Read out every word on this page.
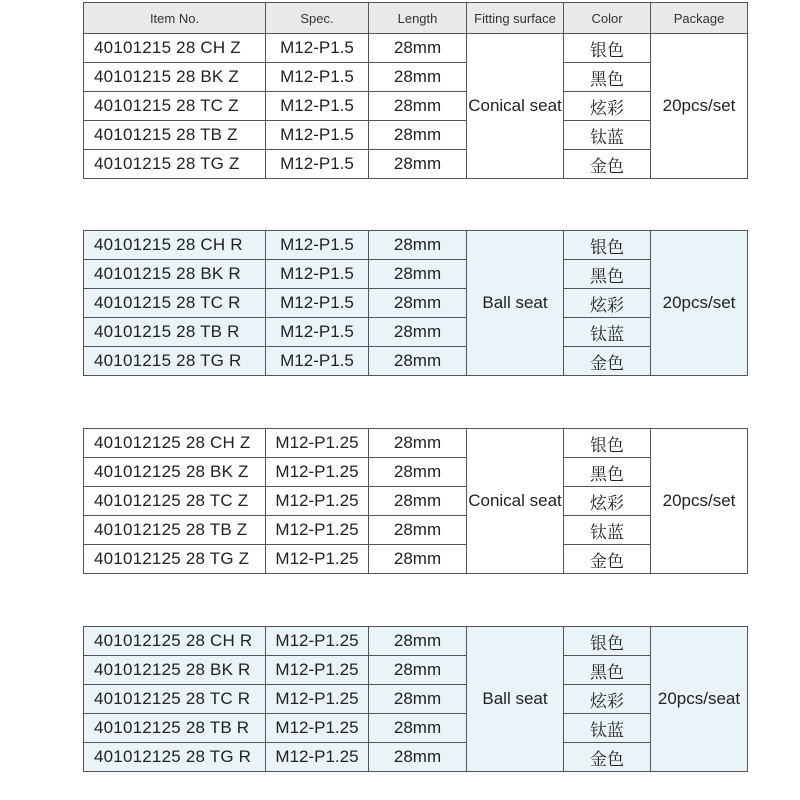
Item No.	Spec.	Length	Fitting surface	Color	Package
40101215 28 CH Z	M12-P1.5	28mm	Conical seat	银色	20pcs/set
40101215 28 BK Z	M12-P1.5	28mm		黑色	
40101215 28 TC Z	M12-P1.5	28mm		炫彩	
40101215 28 TB Z	M12-P1.5	28mm		钛蓝	
40101215 28 TG Z	M12-P1.5	28mm		金色	
40101215 28 CH R	M12-P1.5	28mm	Ball seat	银色	20pcs/set
40101215 28 BK R	M12-P1.5	28mm		黑色	
40101215 28 TC R	M12-P1.5	28mm		炫彩	
40101215 28 TB R	M12-P1.5	28mm		钛蓝	
40101215 28 TG R	M12-P1.5	28mm		金色	
401012125 28 CH Z	M12-P1.25	28mm	Conical seat	银色	20pcs/set
401012125 28 BK Z	M12-P1.25	28mm		黑色	
401012125 28 TC Z	M12-P1.25	28mm		炫彩	
401012125 28 TB Z	M12-P1.25	28mm		钛蓝	
401012125 28 TG Z	M12-P1.25	28mm		金色	
401012125 28 CH R	M12-P1.25	28mm	Ball seat	银色	20pcs/seat
401012125 28 BK R	M12-P1.25	28mm		黑色	
401012125 28 TC R	M12-P1.25	28mm		炫彩	
401012125 28 TB R	M12-P1.25	28mm		钛蓝	
401012125 28 TG R	M12-P1.25	28mm		金色	
